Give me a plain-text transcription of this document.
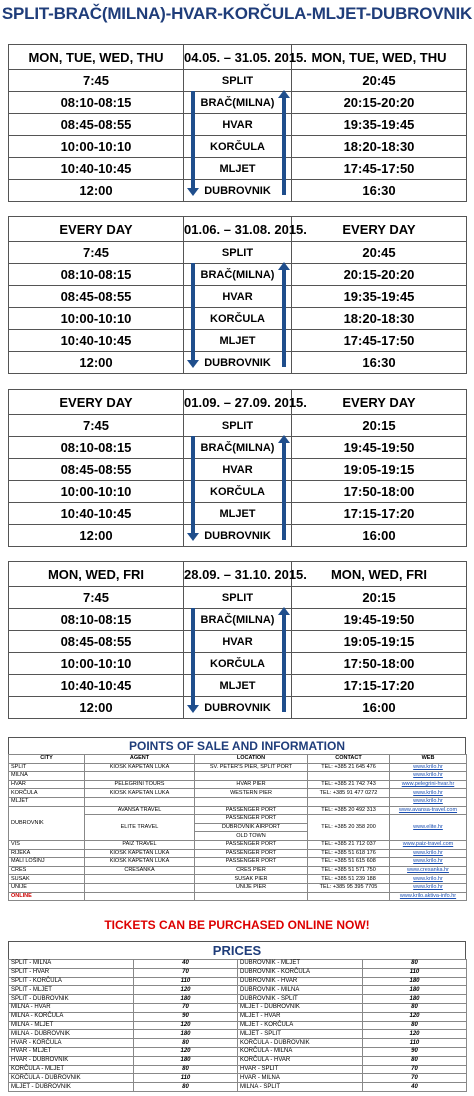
SPLIT-BRAČ(MILNA)-HVAR-KORČULA-MLJET-DUBROVNIK
MON, TUE, WED, THU	04.05. – 31.05. 2015.	MON, TUE, WED, THU
7:45	SPLIT	20:45
08:10-08:15	BRAČ(MILNA)	20:15-20:20
08:45-08:55	HVAR	19:35-19:45
10:00-10:10	KORČULA	18:20-18:30
10:40-10:45	MLJET	17:45-17:50
12:00	DUBROVNIK	16:30
EVERY DAY	01.06. – 31.08. 2015.	EVERY DAY
7:45	SPLIT	20:45
08:10-08:15	BRAČ(MILNA)	20:15-20:20
08:45-08:55	HVAR	19:35-19:45
10:00-10:10	KORČULA	18:20-18:30
10:40-10:45	MLJET	17:45-17:50
12:00	DUBROVNIK	16:30
EVERY DAY	01.09. – 27.09. 2015.	EVERY DAY
7:45	SPLIT	20:15
08:10-08:15	BRAČ(MILNA)	19:45-19:50
08:45-08:55	HVAR	19:05-19:15
10:00-10:10	KORČULA	17:50-18:00
10:40-10:45	MLJET	17:15-17:20
12:00	DUBROVNIK	16:00
MON, WED, FRI	28.09. – 31.10. 2015.	MON, WED, FRI
7:45	SPLIT	20:15
08:10-08:15	BRAČ(MILNA)	19:45-19:50
08:45-08:55	HVAR	19:05-19:15
10:00-10:10	KORČULA	17:50-18:00
10:40-10:45	MLJET	17:15-17:20
12:00	DUBROVNIK	16:00
POINTS OF SALE AND INFORMATION
CITY	AGENT	LOCATION	CONTACT	WEB
SPLIT	KIOSK KAPETAN LUKA	SV. PETER'S PIER, SPLIT PORT	TEL: +385 21 645 476	www.krilo.hr
MILNA				www.krilo.hr
HVAR	PELEGRINI TOURS	HVAR PIER	TEL: +385 21 742 743	www.pelegrini-hvar.hr
KORČULA	KIOSK KAPETAN LUKA	WESTERN PIER	TEL: +385 91 477 0272	www.krilo.hr
MLJET				www.krilo.hr
DUBROVNIK	AVANSA TRAVEL	PASSENGER PORT	TEL: +385 20 492 313	www.avansa-travel.com
	ELITE TRAVEL	PASSENGER PORT	TEL: +385 20 358 200	www.elite.hr
		DUBROVNIK AIRPORT		
		OLD TOWN		
VIS	PAIZ TRAVEL	PASSENGER PORT	TEL: +385 21 712 037	www.paiz-travel.com
RIJEKA	KIOSK KAPETAN LUKA	PASSENGER PORT	TEL: +385 51 618 176	www.krilo.hr
MALI LOŠINJ	KIOSK KAPETAN LUKA	PASSENGER PORT	TEL: +385 51 615 608	www.krilo.hr
CRES	CRESANKA	CRES PIER	TEL: +385 51 571 750	www.cresanka.hr
SUSAK		SUSAK PIER	TEL: +385 51 239 188	www.krilo.hr
UNIJE		UNIJE PIER	TEL: +385 95 395 7705	www.krilo.hr
ONLINE				www.krilo.aktiva-info.hr
TICKETS CAN BE PURCHASED ONLINE NOW!
PRICES
SPLIT - MILNA	40	DUBROVNIK - MLJET	80
SPLIT - HVAR	70	DUBROVNIK - KORČULA	110
SPLIT - KORČULA	110	DUBROVNIK - HVAR	180
SPLIT - MLJET	120	DUBROVNIK - MILNA	180
SPLIT - DUBROVNIK	180	DUBROVNIK - SPLIT	180
MILNA - HVAR	70	MLJET - DUBROVNIK	80
MILNA - KORČULA	90	MLJET - HVAR	120
MILNA - MLJET	120	MLJET - KORČULA	80
MILNA - DUBROVNIK	180	MLJET - SPLIT	120
HVAR - KORČULA	80	KORČULA - DUBROVNIK	110
HVAR - MLJET	120	KORČULA - MILNA	90
HVAR - DUBROVNIK	180	KORČULA - HVAR	80
KORČULA - MLJET	80	HVAR - SPLIT	70
KORČULA - DUBROVNIK	110	HVAR - MILNA	70
MLJET - DUBROVNIK	80	MILNA - SPLIT	40
